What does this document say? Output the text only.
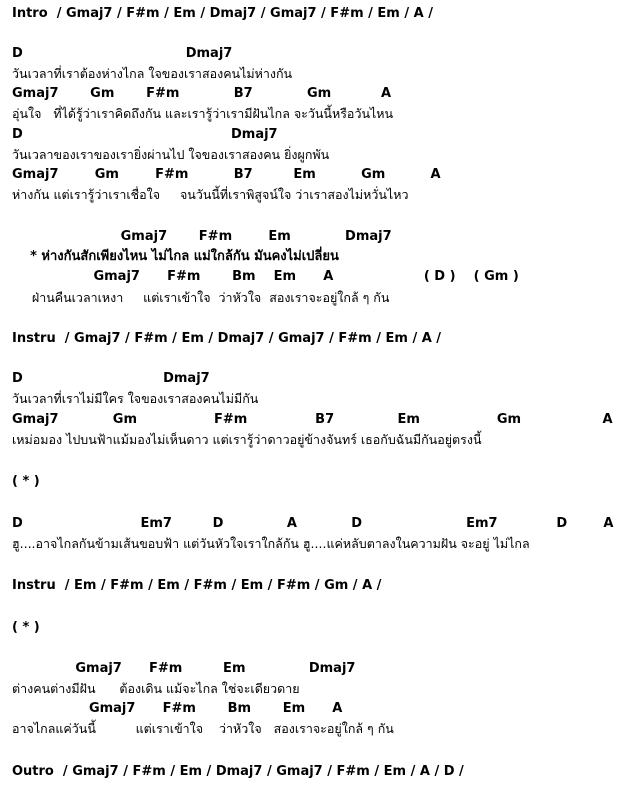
Intro  / Gmaj7 / F#m / Em / Dmaj7 / Gmaj7 / F#m / Em / A /
D                                    Dmaj7
วันเวลาที่เราต้องห่างไกล ใจของเราสองคนไม่ห่างกัน
Gmaj7       Gm       F#m            B7            Gm           A
อุ่นใจ   ที่ได้รู้ว่าเราคิดถึงกัน และเรารู้ว่าเรามีฝันไกล จะวันนี้หรือวันไหน
D                                              Dmaj7
วันเวลาของเราของเรายิ่งผ่านไป ใจของเราสองคน ยิ่งผูกพัน
Gmaj7        Gm        F#m          B7         Em          Gm          A
ห่างกัน แต่เรารู้ว่าเราเชื่อใจ     จนวันนี้ที่เราพิสูจน์ใจ ว่าเราสองไม่หวั่นไหว
Gmaj7       F#m        Em            Dmaj7
* ห่างกันสักเพียงไหน ไม่ไกล แม่ใกล้กัน มันคงไม่เปลี่ยน
Gmaj7      F#m       Bm    Em      A                    ( D )    ( Gm )
ฝ่านคืนเวลาเหงา     แต่เราเข้าใจ  ว่าหัวใจ  สองเราจะอยู่ใกล้ ๆ กัน
Instru  / Gmaj7 / F#m / Em / Dmaj7 / Gmaj7 / F#m / Em / A /
D                               Dmaj7
วันเวลาที่เราไม่มีใคร ใจของเราสองคนไม่มีกัน
Gmaj7            Gm                 F#m               B7              Em                 Gm                  A
เหม่อมอง ไปบนฟ้าแม้มองไม่เห็นดาว แต่เรารู้ว่าดาวอยู่ข้างจันทร์ เธอกับฉันมีกันอยู่ตรงนี้
( * )
D                          Em7         D              A            D                       Em7             D        A
ฮู....อาจไกลกันข้ามเส้นขอบฟ้า แต่วันหัวใจเราใกล้กัน ฮู....แค่หลับตาลงในความฝัน จะอยู่ ไม่ไกล
Instru  / Em / F#m / Em / F#m / Em / F#m / Gm / A /
( * )
Gmaj7      F#m         Em              Dmaj7
ต่างคนต่างมีฝัน      ต้องเดิน แม้จะไกล ใช่จะเดียวดาย
Gmaj7      F#m       Bm       Em      A
อาจไกลแค่วันนี้          แต่เราเข้าใจ    ว่าหัวใจ   สองเราจะอยู่ใกล้ ๆ กัน
Outro  / Gmaj7 / F#m / Em / Dmaj7 / Gmaj7 / F#m / Em / A / D /
